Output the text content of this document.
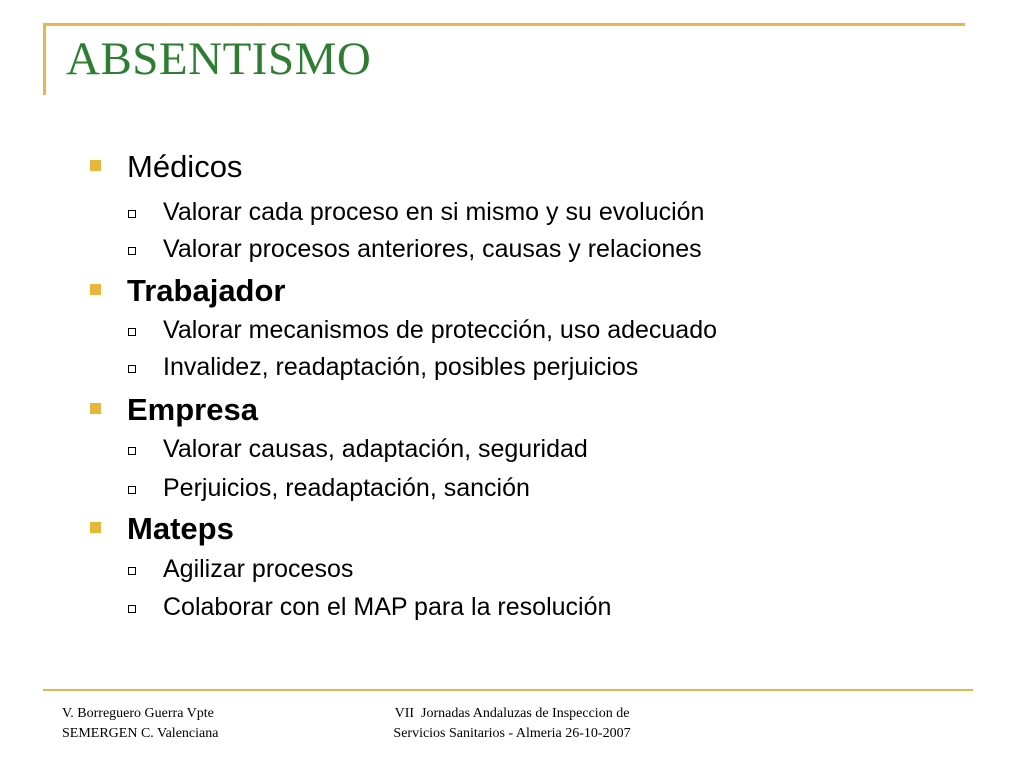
ABSENTISMO
Médicos
Valorar cada proceso en si mismo y su evolución
Valorar procesos anteriores, causas y relaciones
Trabajador
Valorar mecanismos de protección, uso adecuado
Invalidez, readaptación, posibles perjuicios
Empresa
Valorar causas, adaptación, seguridad
Perjuicios, readaptación, sanción
Mateps
Agilizar procesos
Colaborar con el MAP para la resolución
V. Borreguero Guerra Vpte
SEMERGEN C. Valenciana
VII  Jornadas Andaluzas de Inspeccion de
Servicios Sanitarios - Almeria 26-10-2007
